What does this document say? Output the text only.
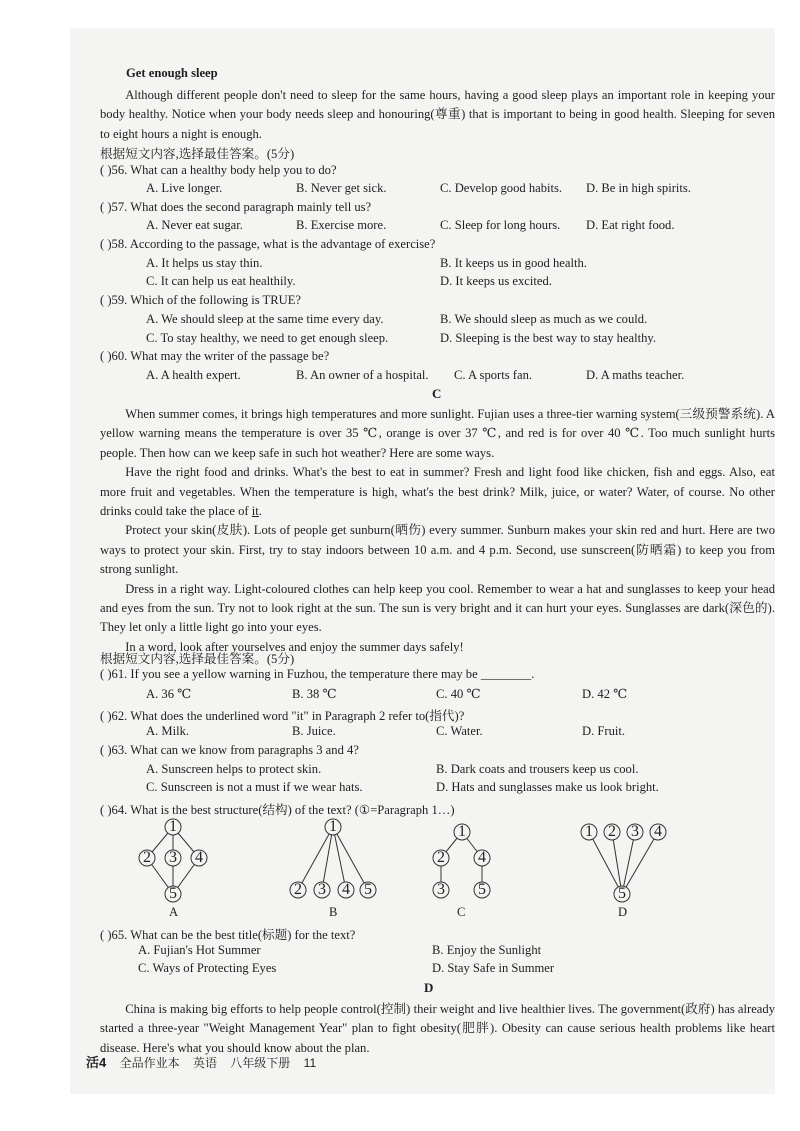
Get enough sleep

Although different people don't need to sleep for the same hours, having a good sleep plays an important role in keeping your body healthy. Notice when your body needs sleep and honouring(尊重) that is important to being in good health. Sleeping for seven to eight hours a night is enough.

根据短文内容,选择最佳答案。(5分)
( )56. What can a healthy body help you to do?
A. Live longer.	B. Never get sick.	C. Develop good habits. D. Be in high spirits.
( )57. What does the second paragraph mainly tell us?
A. Never eat sugar.	B. Exercise more.	C. Sleep for long hours. D. Eat right food.
( )58. According to the passage, what is the advantage of exercise?
A. It helps us stay thin.	B. It keeps us in good health.
C. It can help us eat healthily.	D. It keeps us excited.
( )59. Which of the following is TRUE?
A. We should sleep at the same time every day.	B. We should sleep as much as we could.
C. To stay healthy, we need to get enough sleep.	D. Sleeping is the best way to stay healthy.
( )60. What may the writer of the passage be?
A. A health expert.	B. An owner of a hospital. C. A sports fan.	D. A maths teacher.
C

When summer comes, it brings high temperatures and more sunlight. Fujian uses a three-tier warning system(三级预警系统). A yellow warning means the temperature is over 35 ℃, orange is over 37 ℃, and red is for over 40 ℃. Too much sunlight hurts people. Then how can we keep safe in such hot weather? Here are some ways.

Have the right food and drinks. What's the best to eat in summer? Fresh and light food like chicken, fish and eggs. Also, eat more fruit and vegetables. When the temperature is high, what's the best drink? Milk, juice, or water? Water, of course. No other drinks could take the place of it.

Protect your skin(皮肤). Lots of people get sunburn(晒伤) every summer. Sunburn makes your skin red and hurt. Here are two ways to protect your skin. First, try to stay indoors between 10 a.m. and 4 p.m. Second, use sunscreen(防晒霜) to keep you from strong sunlight.

Dress in a right way. Light-coloured clothes can help keep you cool. Remember to wear a hat and sunglasses to keep your head and eyes from the sun. Try not to look right at the sun. The sun is very bright and it can hurt your eyes. Sunglasses are dark(深色的). They let only a little light go into your eyes.

In a word, look after yourselves and enjoy the summer days safely!

根据短文内容,选择最佳答案。(5分)
( )61. If you see a yellow warning in Fuzhou, the temperature there may be ________.
A. 36 ℃	B. 38 ℃	C. 40 ℃	D. 42 ℃
( )62. What does the underlined word "it" in Paragraph 2 refer to(指代)?
A. Milk.	B. Juice.	C. Water.	D. Fruit.
( )63. What can we know from paragraphs 3 and 4?
A. Sunscreen helps to protect skin.	B. Dark coats and trousers keep us cool.
C. Sunscreen is not a must if we wear hats.	D. Hats and sunglasses make us look bright.
( )64. What is the best structure(结构) of the text? (①=Paragraph 1…)
1
2 3 4
5
1
2 3 4 5
1
2 4
3 5
1 2 3 4
5
A	B	C	D
( )65. What can be the best title(标题) for the text?
A. Fujian's Hot Summer	B. Enjoy the Sunlight
C. Ways of Protecting Eyes	D. Stay Safe in Summer
D

China is making big efforts to help people control(控制) their weight and live healthier lives. The government(政府) has already started a three-year "Weight Management Year" plan to fight obesity(肥胖). Obesity can cause serious health problems like heart disease. Here's what you should know about the plan.

活4 全品作业本 英语 八年级下册 11
